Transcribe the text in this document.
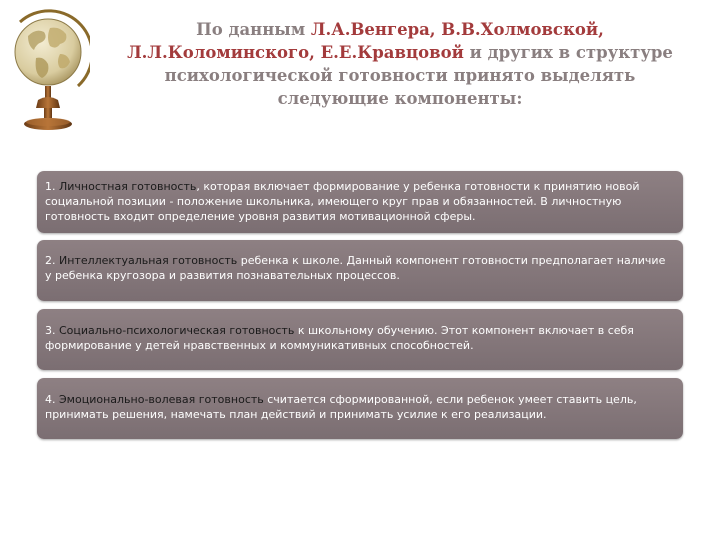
По данным Л.А.Венгера, В.В.Холмовской, Л.Л.Коломинского, Е.Е.Кравцовой и других в структуре психологической готовности принято выделять следующие компоненты:
1. Личностная готовность, которая включает формирование у ребенка готовности к принятию новой социальной позиции - положение школьника, имеющего круг прав и обязанностей. В личностную готовность входит определение уровня развития мотивационной сферы.
2. Интеллектуальная готовность ребенка к школе. Данный компонент готовности предполагает наличие у ребенка кругозора и развития познавательных процессов.
3. Социально-психологическая готовность к школьному обучению. Этот компонент включает в себя формирование у детей нравственных и коммуникативных способностей.
4. Эмоционально-волевая готовность считается сформированной, если ребенок умеет ставить цель, принимать решения, намечать план действий и принимать усилие к его реализации.
